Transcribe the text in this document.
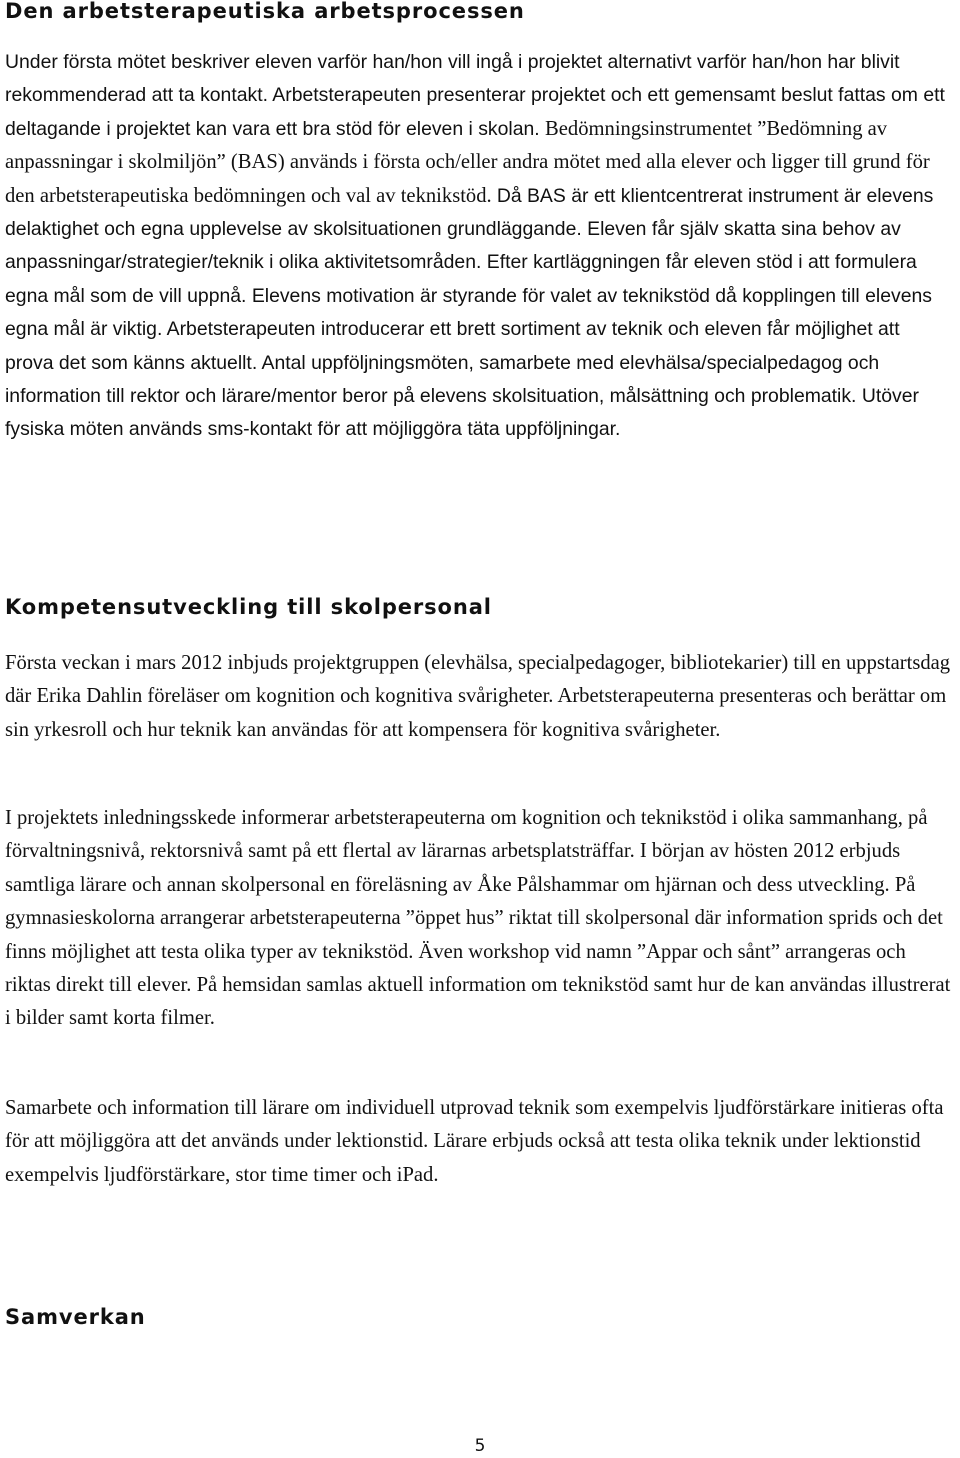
Den arbetsterapeutiska arbetsprocessen

Under första mötet beskriver eleven varför han/hon vill ingå i projektet alternativt varför han/hon har blivit rekommenderad att ta kontakt. Arbetsterapeuten presenterar projektet och ett gemensamt beslut fattas om ett deltagande i projektet kan vara ett bra stöd för eleven i skolan. Bedömningsinstrumentet ”Bedömning av anpassningar i skolmiljön” (BAS) används i första och/eller andra mötet med alla elever och ligger till grund för den arbetsterapeutiska bedömningen och val av teknikstöd. Då BAS är ett klientcentrerat instrument är elevens delaktighet och egna upplevelse av skolsituationen grundläggande. Eleven får själv skatta sina behov av anpassningar/strategier/teknik i olika aktivitetsområden. Efter kartläggningen får eleven stöd i att formulera egna mål som de vill uppnå. Elevens motivation är styrande för valet av teknikstöd då kopplingen till elevens egna mål är viktig. Arbetsterapeuten introducerar ett brett sortiment av teknik och eleven får möjlighet att prova det som känns aktuellt. Antal uppföljningsmöten, samarbete med elevhälsa/specialpedagog och information till rektor och lärare/mentor beror på elevens skolsituation, målsättning och problematik. Utöver fysiska möten används sms-kontakt för att möjliggöra täta uppföljningar.

Kompetensutveckling till skolpersonal

Första veckan i mars 2012 inbjuds projektgruppen (elevhälsa, specialpedagoger, bibliotekarier) till en uppstartsdag där Erika Dahlin föreläser om kognition och kognitiva svårigheter. Arbetsterapeuterna presenteras och berättar om sin yrkesroll och hur teknik kan användas för att kompensera för kognitiva svårigheter.

I projektets inledningsskede informerar arbetsterapeuterna om kognition och teknikstöd i olika sammanhang, på förvaltningsnivå, rektorsnivå samt på ett flertal av lärarnas arbetsplatsträffar. I början av hösten 2012 erbjuds samtliga lärare och annan skolpersonal en föreläsning av Åke Pålshammar om hjärnan och dess utveckling. På gymnasieskolorna arrangerar arbetsterapeuterna ”öppet hus” riktat till skolpersonal där information sprids och det finns möjlighet att testa olika typer av teknikstöd. Även workshop vid namn ”Appar och sånt” arrangeras och riktas direkt till elever. På hemsidan samlas aktuell information om teknikstöd samt hur de kan användas illustrerat i bilder samt korta filmer.

Samarbete och information till lärare om individuell utprovad teknik som exempelvis ljudförstärkare initieras ofta för att möjliggöra att det används under lektionstid. Lärare erbjuds också att testa olika teknik under lektionstid exempelvis ljudförstärkare, stor time timer och iPad.

Samverkan
5
